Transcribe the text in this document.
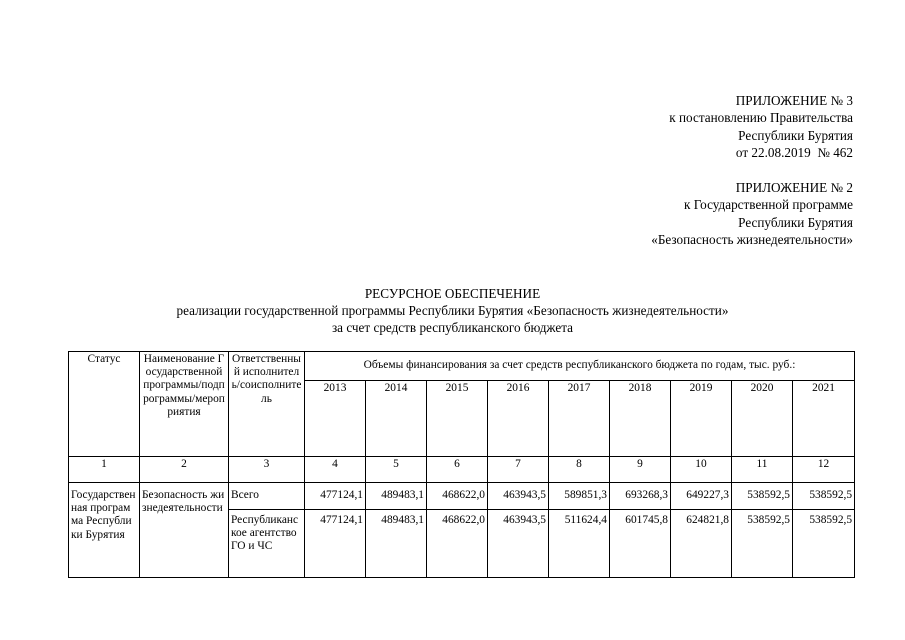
ПРИЛОЖЕНИЕ № 3
к постановлению Правительства
Республики Бурятия
от 22.08.2019  № 462
ПРИЛОЖЕНИЕ № 2
к Государственной программе
Республики Бурятия
«Безопасность жизнедеятельности»
РЕСУРСНОЕ ОБЕСПЕЧЕНИЕ
реализации государственной программы Республики Бурятия «Безопасность жизнедеятельности»
за счет средств республиканского бюджета
Статус	Наименование Государственной программы/подпрограммы/мероприятия	Ответственный исполнитель/соисполнитель	Объемы финансирования за счет средств республиканского бюджета по годам, тыс. руб.:								
			2013	2014	2015	2016	2017	2018	2019	2020	2021
1	2	3	4	5	6	7	8	9	10	11	12
Государственная программа Республики Бурятия	Безопасность жизнедеятельности	Всего	477124,1	489483,1	468622,0	463943,5	589851,3	693268,3	649227,3	538592,5	538592,5
		Республиканское агентство ГО и ЧС	477124,1	489483,1	468622,0	463943,5	511624,4	601745,8	624821,8	538592,5	538592,5
